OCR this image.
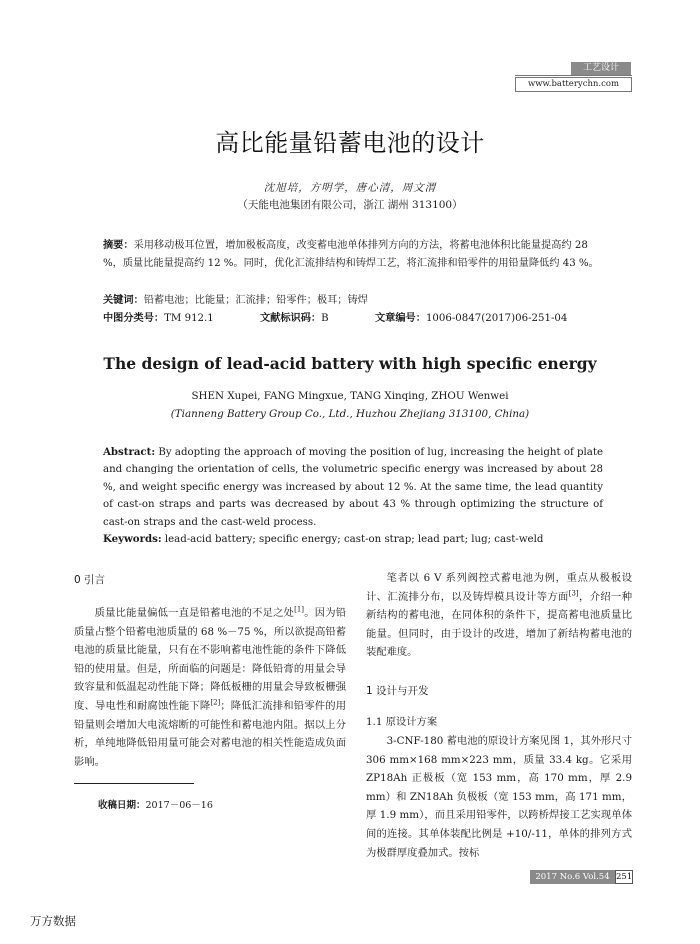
工艺设计
www.batterychn.com
高比能量铅蓄电池的设计
沈旭培，方明学，唐心清，周文渭
（天能电池集团有限公司，浙江 湖州 313100）
摘要：采用移动极耳位置，增加极板高度，改变蓄电池单体排列方向的方法，将蓄电池体积比能量提高约 28 %，质量比能量提高约 12 %。同时，优化汇流排结构和铸焊工艺，将汇流排和铅零件的用铅量降低约 43 %。
关键词：铅蓄电池；比能量；汇流排；铅零件；极耳；铸焊
中图分类号：TM 912.1	文献标识码：B	文章编号：1006-0847(2017)06-251-04
The design of lead-acid battery with high specific energy
SHEN Xupei, FANG Mingxue, TANG Xinqing, ZHOU Wenwei
(Tianneng Battery Group Co., Ltd., Huzhou Zhejiang 313100, China)
Abstract: By adopting the approach of moving the position of lug, increasing the height of plate and changing the orientation of cells, the volumetric specific energy was increased by about 28 %, and weight specific energy was increased by about 12 %. At the same time, the lead quantity of cast-on straps and parts was decreased by about 43 % through optimizing the structure of cast-on straps and the cast-weld process.
Keywords: lead-acid battery; specific energy; cast-on strap; lead part; lug; cast-weld
0 引言
质量比能量偏低一直是铅蓄电池的不足之处[1]。因为铅质量占整个铅蓄电池质量的 68 %－75 %，所以欲提高铅蓄电池的质量比能量，只有在不影响蓄电池性能的条件下降低铅的使用量。但是，所面临的问题是：降低铅膏的用量会导致容量和低温起动性能下降；降低板栅的用量会导致板栅强度、导电性和耐腐蚀性能下降[2]；降低汇流排和铅零件的用铅量则会增加大电流熔断的可能性和蓄电池内阻。据以上分析，单纯地降低铅用量可能会对蓄电池的相关性能造成负面影响。
收稿日期：2017－06－16
笔者以 6 V 系列阀控式蓄电池为例，重点从极板设计、汇流排分布，以及铸焊模具设计等方面[3]，介绍一种新结构的蓄电池，在同体积的条件下，提高蓄电池质量比能量。但同时，由于设计的改进，增加了新结构蓄电池的装配难度。
1 设计与开发
1.1 原设计方案
3-CNF-180 蓄电池的原设计方案见图 1，其外形尺寸 306 mm×168 mm×223 mm，质量 33.4 kg。它采用 ZP18Ah 正极板（宽 153 mm，高 170 mm，厚 2.9 mm）和 ZN18Ah 负极板（宽 153 mm，高 171 mm，厚 1.9 mm），而且采用铅零件，以跨桥焊接工艺实现单体间的连接。其单体装配比例是 +10/-11，单体的排列方式为极群厚度叠加式。按标
2017 No.6 Vol.54 251
万方数据
